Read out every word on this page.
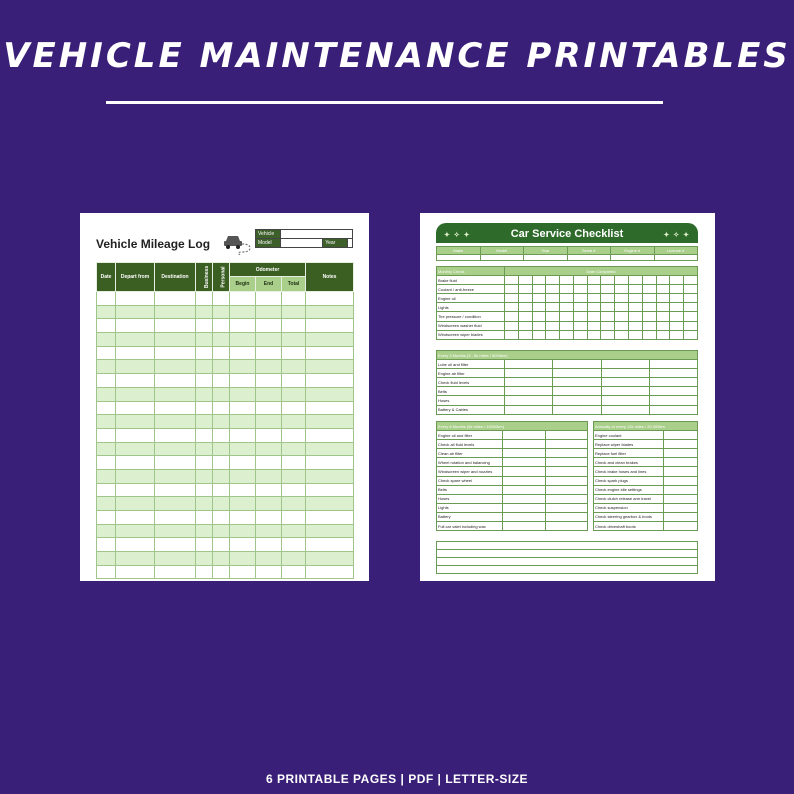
VEHICLE MAINTENANCE PRINTABLES
Vehicle Mileage Log
Vehicle			
Model		Year	
Date	Depart from	Destination	Business	Personal	Odometer			Notes
					Begin	End	Total	

✦ ✧ ✦	Car Service Checklist	✦ ✧ ✦
Make	Model	Year	Serial #	Engine #	License #

Monthly Check	Date Completed													
Brake fluid														
Coolant / anti-freeze														
Engine oil														
Lights														
Tire pressure / condition														
Windscreen washer fluid														
Windscreen wiper blades														
Every 3 Months (3 - 5k miles / 5000km)				
Lube oil and filter				
Engine air filter				
Check fluid levels				
Belts				
Hoses				
Battery & Cables				
Every 6 Months (6k miles / 10000km)		
Engine oil and filter		
Check all fluid levels		
Clean air filter		
Wheel rotation and balancing		
Windscreen wiper and nozzles		
Check spare wheel		
Belts		
Hoses		
Lights		
Battery		
Full car valet including wax		
Annually or every 12k miles / 20 000km	
Engine coolant	
Replace wiper blades	
Replace fuel filter	
Check and clean brakes	
Check brake hoses and lines	
Check spark plugs	
Check engine idle settings	
Check clutch release arm travel	
Check suspension	
Check steering gearbox & boots	
Check driveshaft boots	
6 PRINTABLE PAGES | PDF | LETTER-SIZE
